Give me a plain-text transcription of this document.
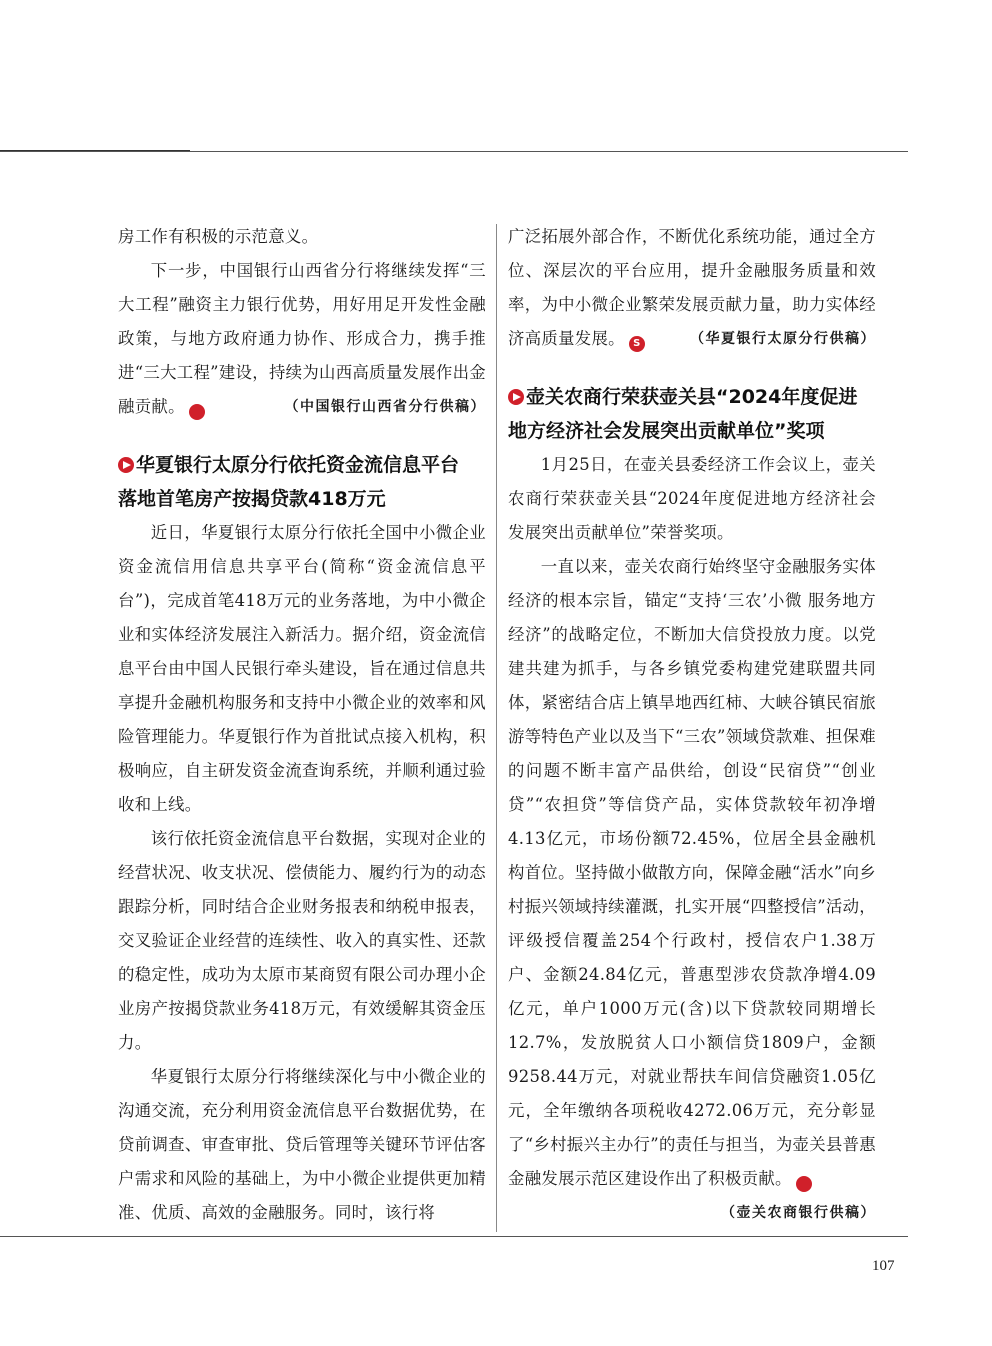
房工作有积极的示范意义。

下一步，中国银行山西省分行将继续发挥“三大工程”融资主力银行优势，用好用足开发性金融政策，与地方政府通力协作、形成合力，携手推进“三大工程”建设，持续为山西高质量发展作出金融贡献。	S	（中国银行山西省分行供稿）

华夏银行太原分行依托资金流信息平台
落地首笔房产按揭贷款418万元

近日，华夏银行太原分行依托全国中小微企业资金流信用信息共享平台(简称“资金流信息平台”)，完成首笔418万元的业务落地，为中小微企业和实体经济发展注入新活力。据介绍，资金流信息平台由中国人民银行牵头建设，旨在通过信息共享提升金融机构服务和支持中小微企业的效率和风险管理能力。华夏银行作为首批试点接入机构，积极响应，自主研发资金流查询系统，并顺利通过验收和上线。

该行依托资金流信息平台数据，实现对企业的经营状况、收支状况、偿债能力、履约行为的动态跟踪分析，同时结合企业财务报表和纳税申报表，交叉验证企业经营的连续性、收入的真实性、还款的稳定性，成功为太原市某商贸有限公司办理小企业房产按揭贷款业务418万元，有效缓解其资金压力。

华夏银行太原分行将继续深化与中小微企业的沟通交流，充分利用资金流信息平台数据优势，在贷前调查、审查审批、贷后管理等关键环节评估客户需求和风险的基础上，为中小微企业提供更加精准、优质、高效的金融服务。同时，该行将

广泛拓展外部合作，不断优化系统功能，通过全方位、深层次的平台应用，提升金融服务质量和效率，为中小微企业繁荣发展贡献力量，助力实体经济高质量发展。 S	（华夏银行太原分行供稿）

壶关农商行荣获壶关县“2024年度促进
地方经济社会发展突出贡献单位”奖项

1月25日，在壶关县委经济工作会议上，壶关农商行荣获壶关县“2024年度促进地方经济社会发展突出贡献单位”荣誉奖项。

一直以来，壶关农商行始终坚守金融服务实体经济的根本宗旨，锚定“支持‘三农’小微 服务地方经济”的战略定位，不断加大信贷投放力度。以党建共建为抓手，与各乡镇党委构建党建联盟共同体，紧密结合店上镇旱地西红柿、大峡谷镇民宿旅游等特色产业以及当下“三农”领域贷款难、担保难的问题不断丰富产品供给，创设“民宿贷”“创业贷”“农担贷”等信贷产品，实体贷款较年初净增4.13亿元，市场份额72.45%，位居全县金融机构首位。坚持做小做散方向，保障金融“活水”向乡村振兴领域持续灌溉，扎实开展“四整授信”活动，评级授信覆盖254个行政村，授信农户1.38万户、金额24.84亿元，普惠型涉农贷款净增4.09亿元，单户1000万元(含)以下贷款较同期增长12.7%，发放脱贫人口小额信贷1809户，金额9258.44万元，对就业帮扶车间信贷融资1.05亿元，全年缴纳各项税收4272.06万元，充分彰显了“乡村振兴主办行”的责任与担当，为壶关县普惠金融发展示范区建设作出了积极贡献。	S

（壶关农商银行供稿）
107
